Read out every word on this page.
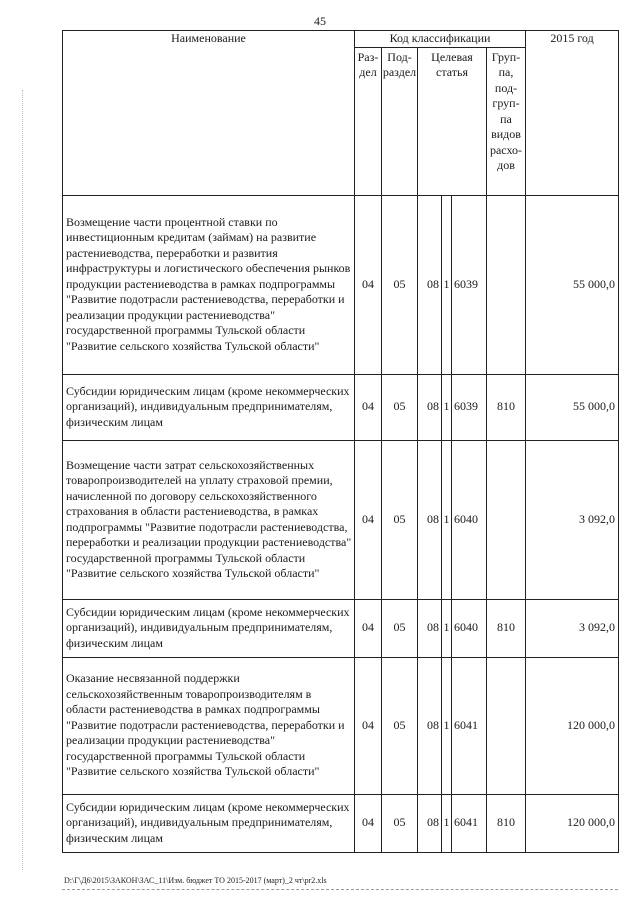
45
Наименование	Код классификации						2015 год
	Раз-дел	Под-раздел	Целевая статья			Груп-па, под-груп-па видов расхо-дов	
Возмещение части процентной ставки по инвестиционным кредитам (займам) на развитие растениеводства, переработки и развития инфраструктуры и логистического обеспечения рынков продукции растениеводства в рамках подпрограммы "Развитие подотрасли растениеводства, переработки и реализации продукции растениеводства" государственной программы Тульской области "Развитие сельского хозяйства Тульской области"	04	05	08	1	6039		55 000,0
Субсидии юридическим лицам (кроме некоммерческих организаций), индивидуальным предпринимателям, физическим лицам	04	05	08	1	6039	810	55 000,0
Возмещение части затрат сельскохозяйственных товаропроизводителей на уплату страховой премии, начисленной по договору сельскохозяйственного страхования в области растениеводства, в рамках подпрограммы "Развитие подотрасли растениеводства, переработки и реализации продукции растениеводства" государственной программы Тульской области "Развитие сельского хозяйства Тульской области"	04	05	08	1	6040		3 092,0
Субсидии юридическим лицам (кроме некоммерческих организаций), индивидуальным предпринимателям, физическим лицам	04	05	08	1	6040	810	3 092,0
Оказание несвязанной поддержки сельскохозяйственным товаропроизводителям в области растениеводства в рамках подпрограммы "Развитие подотрасли растениеводства, переработки и реализации продукции растениеводства" государственной программы Тульской области "Развитие сельского хозяйства Тульской области"	04	05	08	1	6041		120 000,0
Субсидии юридическим лицам (кроме некоммерческих организаций), индивидуальным предпринимателям, физическим лицам	04	05	08	1	6041	810	120 000,0
D:\Г\Д6\2015\ЗАКОН\ЗАС_11\Изм. бюджет ТО 2015-2017 (март)_2 чт\pr2.xls
